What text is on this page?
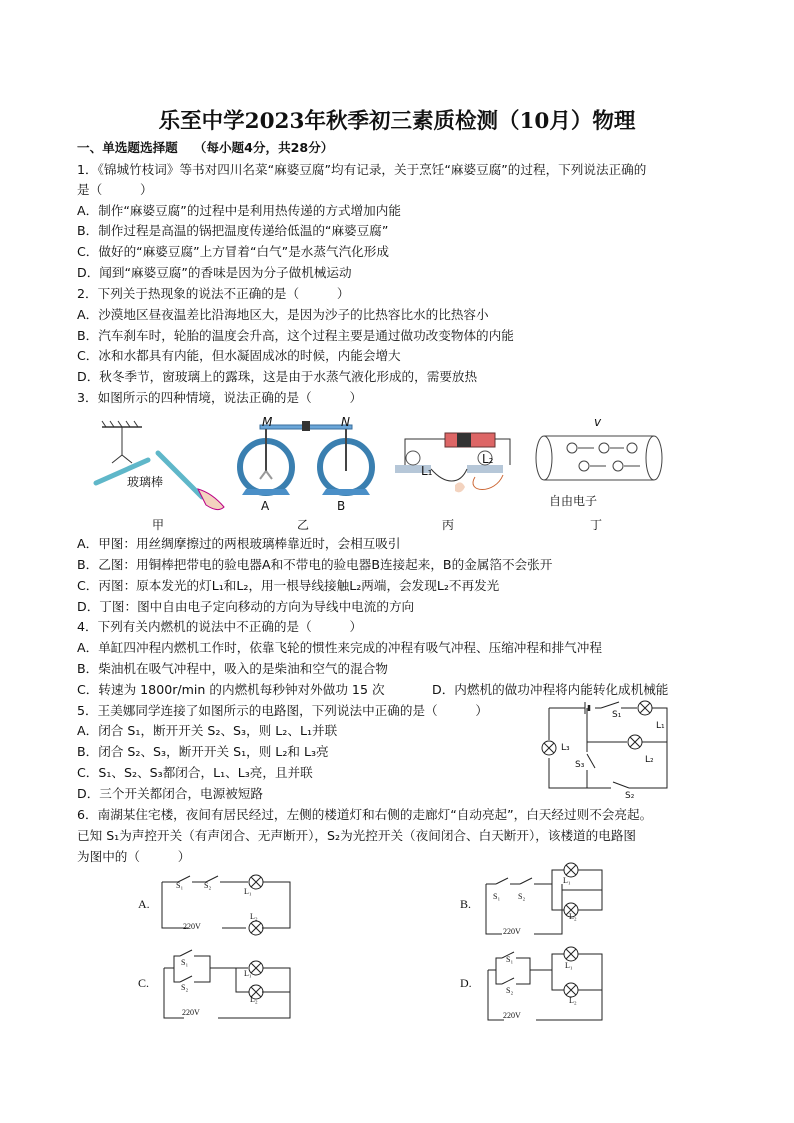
乐至中学2023年秋季初三素质检测（10月）物理
一、单选题选择题 （每小题4分，共28分）
1．《锦城竹枝词》等书对四川名菜“麻婆豆腐”均有记录，关于烹饪“麻婆豆腐”的过程，下列说法正确的
是（　　　）
A．制作“麻婆豆腐”的过程中是利用热传递的方式增加内能
B．制作过程是高温的锅把温度传递给低温的“麻婆豆腐”
C．做好的“麻婆豆腐”上方冒着“白气”是水蒸气汽化形成
D．闻到“麻婆豆腐”的香味是因为分子做机械运动
2．下列关于热现象的说法不正确的是（　　　）
A．沙漠地区昼夜温差比沿海地区大，是因为沙子的比热容比水的比热容小
B．汽车刹车时，轮胎的温度会升高，这个过程主要是通过做功改变物体的内能
C．冰和水都具有内能，但水凝固成冰的时候，内能会增大
D．秋冬季节，窗玻璃上的露珠，这是由于水蒸气液化形成的，需要放热
3．如图所示的四种情境，说法正确的是（　　　）
玻璃棒
M	N
A	B
L₁
L₂
v
自由电子
甲	乙	丙	丁
A．甲图：用丝绸摩擦过的两根玻璃棒靠近时，会相互吸引
B．乙图：用铜棒把带电的验电器A和不带电的验电器B连接起来，B的金属箔不会张开
C．丙图：原本发光的灯L₁和L₂，用一根导线接触L₂两端，会发现L₂不再发光
D．丁图：图中自由电子定向移动的方向为导线中电流的方向
4．下列有关内燃机的说法中不正确的是（　　　）
A．单缸四冲程内燃机工作时，依靠飞轮的惯性来完成的冲程有吸气冲程、压缩冲程和排气冲程
B．柴油机在吸气冲程中，吸入的是柴油和空气的混合物
C．转速为 1800r/min 的内燃机每秒钟对外做功 15 次	D．内燃机的做功冲程将内能转化成机械能
5．王美娜同学连接了如图所示的电路图，下列说法中正确的是（　　　）
A．闭合 S₁，断开开关 S₂、S₃，则 L₂、L₁并联
B．闭合 S₂、S₃，断开开关 S₁，则 L₂和 L₃亮
C．S₁、S₂、S₃都闭合，L₁、L₃亮，且并联
D．三个开关都闭合，电源被短路
S₁
L₁
L₃
L₂
S₃
S₂
6．南湖某住宅楼，夜间有居民经过，左侧的楼道灯和右侧的走廊灯“自动亮起”，白天经过则不会亮起。
已知 S₁为声控开关（有声闭合、无声断开），S₂为光控开关（夜间闭合、白天断开），该楼道的电路图
为图中的（　　　）
A.
S₁	S₂
L₁
L₂
220V
B.
S₁ S₂
L₁
L₂
220V
C.
S₁
S₂
L₁
L₂
220V
D.
S₁
S₂
L₁
L₂
220V
